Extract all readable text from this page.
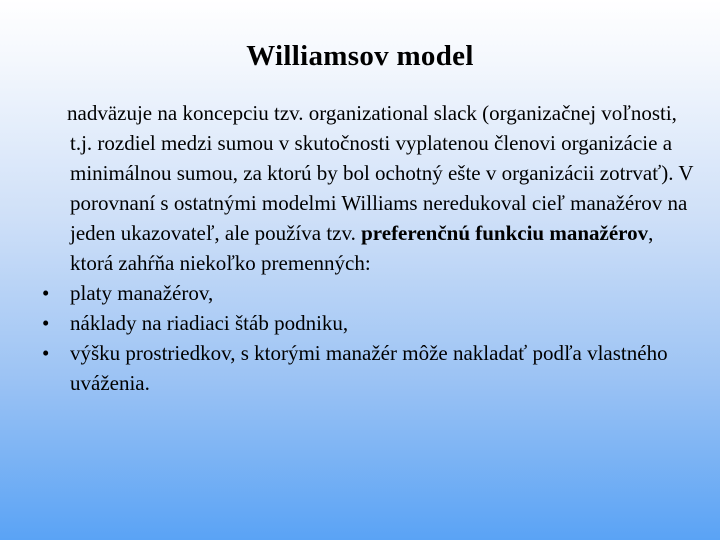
Williamsov model

nadväzuje na koncepciu tzv. organizational slack (organizačnej voľnosti, t.j. rozdiel medzi sumou v skutočnosti vyplatenou členovi organizácie a minimálnou sumou, za ktorú by bol ochotný ešte v organizácii zotrvať). V porovnaní s ostatnými modelmi Williams neredukoval cieľ manažérov na jeden ukazovateľ, ale používa tzv. preferenčnú funkciu manažérov, ktorá zahŕňa niekoľko premenných:

• platy manažérov,
• náklady na riadiaci štáb podniku,
• výšku prostriedkov, s ktorými manažér môže nakladať podľa vlastného uváženia.
